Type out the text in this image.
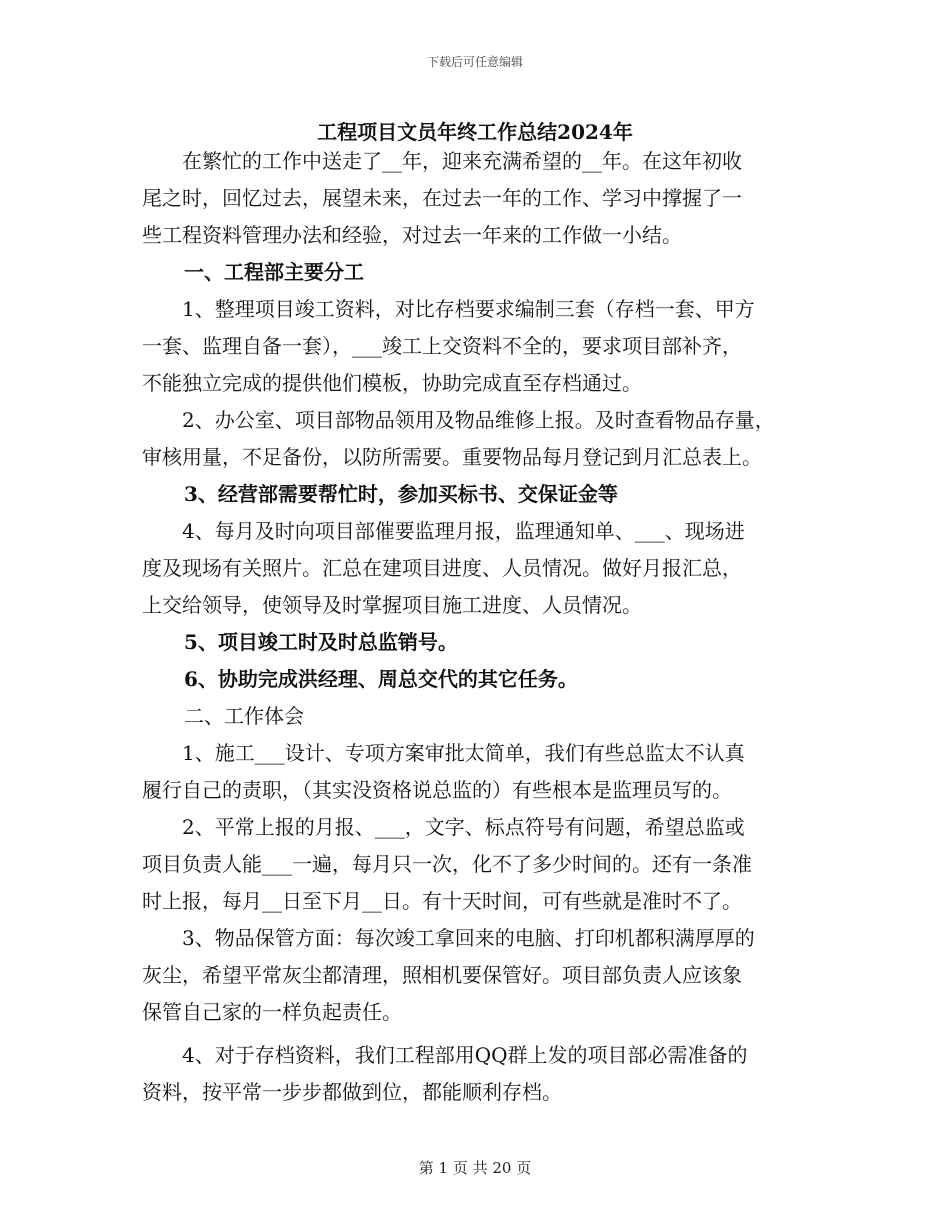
下载后可任意编辑
工程项目文员年终工作总结2024年

在繁忙的工作中送走了__年，迎来充满希望的__年。在这年初收
尾之时，回忆过去，展望未来，在过去一年的工作、学习中撑握了一
些工程资料管理办法和经验，对过去一年来的工作做一小结。

一、工程部主要分工

1、整理项目竣工资料，对比存档要求编制三套（存档一套、甲方
一套、监理自备一套），___竣工上交资料不全的，要求项目部补齐，
不能独立完成的提供他们模板，协助完成直至存档通过。

2、办公室、项目部物品领用及物品维修上报。及时查看物品存量，
审核用量，不足备份，以防所需要。重要物品每月登记到月汇总表上。

3、经营部需要帮忙时，参加买标书、交保证金等

4、每月及时向项目部催要监理月报，监理通知单、___、现场进
度及现场有关照片。汇总在建项目进度、人员情况。做好月报汇总，
上交给领导，使领导及时掌握项目施工进度、人员情况。

5、项目竣工时及时总监销号。
6、协助完成洪经理、周总交代的其它任务。
二、工作体会

1、施工___设计、专项方案审批太简单，我们有些总监太不认真
履行自己的责职，（其实没资格说总监的）有些根本是监理员写的。

2、平常上报的月报、___，文字、标点符号有问题，希望总监或
项目负责人能___一遍，每月只一次，化不了多少时间的。还有一条准
时上报，每月__日至下月__日。有十天时间，可有些就是准时不了。

3、物品保管方面：每次竣工拿回来的电脑、打印机都积满厚厚的
灰尘，希望平常灰尘都清理，照相机要保管好。项目部负责人应该象
保管自己家的一样负起责任。

4、对于存档资料，我们工程部用QQ群上发的项目部必需准备的
资料，按平常一步步都做到位，都能顺利存档。

第 1 页 共 20 页
